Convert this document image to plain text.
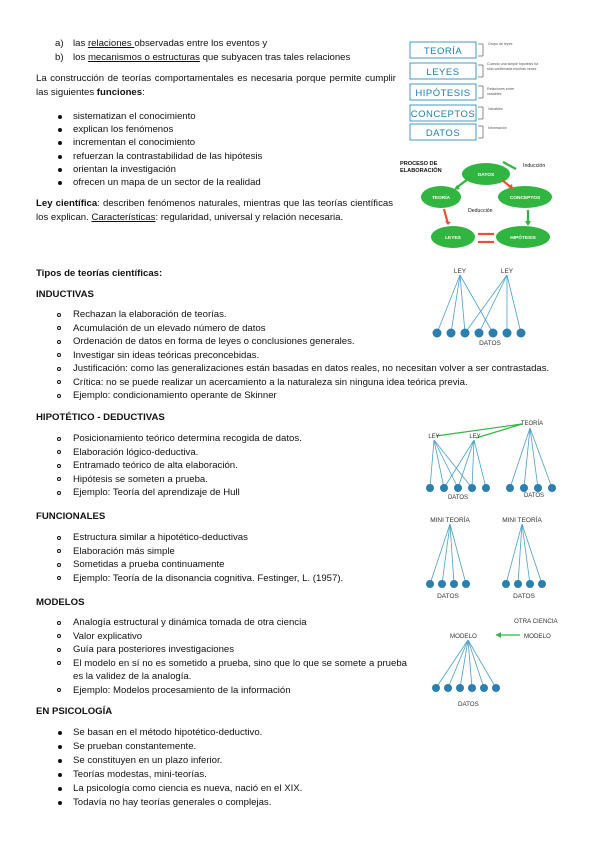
a) las relaciones observadas entre los eventos y
b) los mecanismos o estructuras que subyacen tras tales relaciones
La construcción de teorías comportamentales es necesaria porque permite cumplir las siguientes funciones:
sistematizan el conocimiento
explican los fenómenos
incrementan el conocimiento
refuerzan la contrastabilidad de las hipótesis
orientan la investigación
ofrecen un mapa de un sector de la realidad
Ley científica: describen fenómenos naturales, mientras que las teorías científicas los explican. Características: regularidad, universal y relación necesaria.
Tipos de teorías científicas:
INDUCTIVAS
Rechazan la elaboración de teorías.
Acumulación de un elevado número de datos
Ordenación de datos en forma de leyes o conclusiones generales.
Investigar sin ideas teóricas preconcebidas.
Justificación: como las generalizaciones están basadas en datos reales, no necesitan volver a ser contrastadas.
Crítica: no se puede realizar un acercamiento a la naturaleza sin ninguna idea teórica previa.
Ejemplo: condicionamiento operante de Skinner
HIPOTÉTICO - DEDUCTIVAS
Posicionamiento teórico determina recogida de datos.
Elaboración lógico-deductiva.
Entramado teórico de alta elaboración.
Hipótesis se someten a prueba.
Ejemplo: Teoría del aprendizaje de Hull
FUNCIONALES
Estructura similar a hipotético-deductivas
Elaboración más simple
Sometidas a prueba continuamente
Ejemplo: Teoría de la disonancia cognitiva. Festinger, L. (1957).
MODELOS
Analogía estructural y dinámica tomada de otra ciencia
Valor explicativo
Guía para posteriores investigaciones
El modelo en sí no es sometido a prueba, sino que lo que se somete a prueba es la validez de la analogía.
Ejemplo: Modelos procesamiento de la información
EN PSICOLOGÍA
Se basan en el método hipotético-deductivo.
Se prueban constantemente.
Se constituyen en un plazo inferior.
Teorías modestas, mini-teorías.
La psicología como ciencia es nueva, nació en el XIX.
Todavía no hay teorías generales o complejas.
TEORÍA
LEYES
HIPÓTESIS
CONCEPTOS
DATOS
Grupo de leyes
Cuando una simple hipótesis ha sido confirmada muchas veces
Relaciones entre variables
Variables
Información
PROCESO DE ELABORACIÓN
DATOS
TEORÍA	CONCEPTOS
LEYES	HIPÓTESIS
Inducción
Deducción
LEY	LEY
DATOS
TEORÍA
LEY	LEY
DATOS	DATOS
MINI TEORÍA	MINI TEORÍA
DATOS	DATOS
MODELO
OTRA CIENCIA
MODELO
DATOS
